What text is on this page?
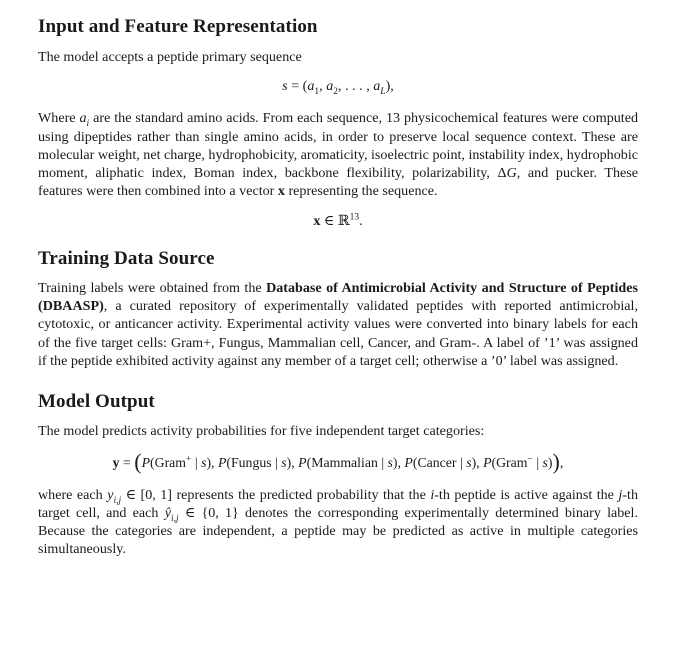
Input and Feature Representation

The model accepts a peptide primary sequence

$s = (a_1$, $a_2$, . . . , $a_L$),

Where $a_i$ are the standard amino acids. From each sequence, 13 physicochemical features were computed using dipeptides rather than single amino acids, in order to preserve local sequence context. These are molecular weight, net charge, hydrophobicity, aromaticity, isoelectric point, instability index, hydrophobic moment, aliphatic index, Boman index, backbone flexibility, polarizability, ΔG, and pucker. These features were then combined into a vector x representing the sequence.

x ∈ ℝ$^{13}$.
Training Data Source

Training labels were obtained from the Database of Antimicrobial Activity and Structure of Peptides (DBAASP), a curated repository of experimentally validated peptides with reported antimicrobial, cytotoxic, or anticancer activity. Experimental activity values were converted into binary labels for each of the five target cells: Gram+, Fungus, Mammalian cell, Cancer, and Gram-. A label of ’1’ was assigned if the peptide exhibited activity against any member of a target cell; otherwise a ’0’ label was assigned.

Model Output

The model predicts activity probabilities for five independent target categories:

y = (P(Gram+ | s), P(Fungus | s), P(Mammalian | s), P(Cancer | s), P(Gram− | s)),

where each $y_{i,j}$ ∈ [0, 1] represents the predicted probability that the i-th peptide is active against the j-th target cell, and each $ŷ_{i,j}$ ∈ {0, 1} denotes the corresponding experimentally determined binary label. Because the categories are independent, a peptide may be predicted as active in multiple categories simultaneously.
